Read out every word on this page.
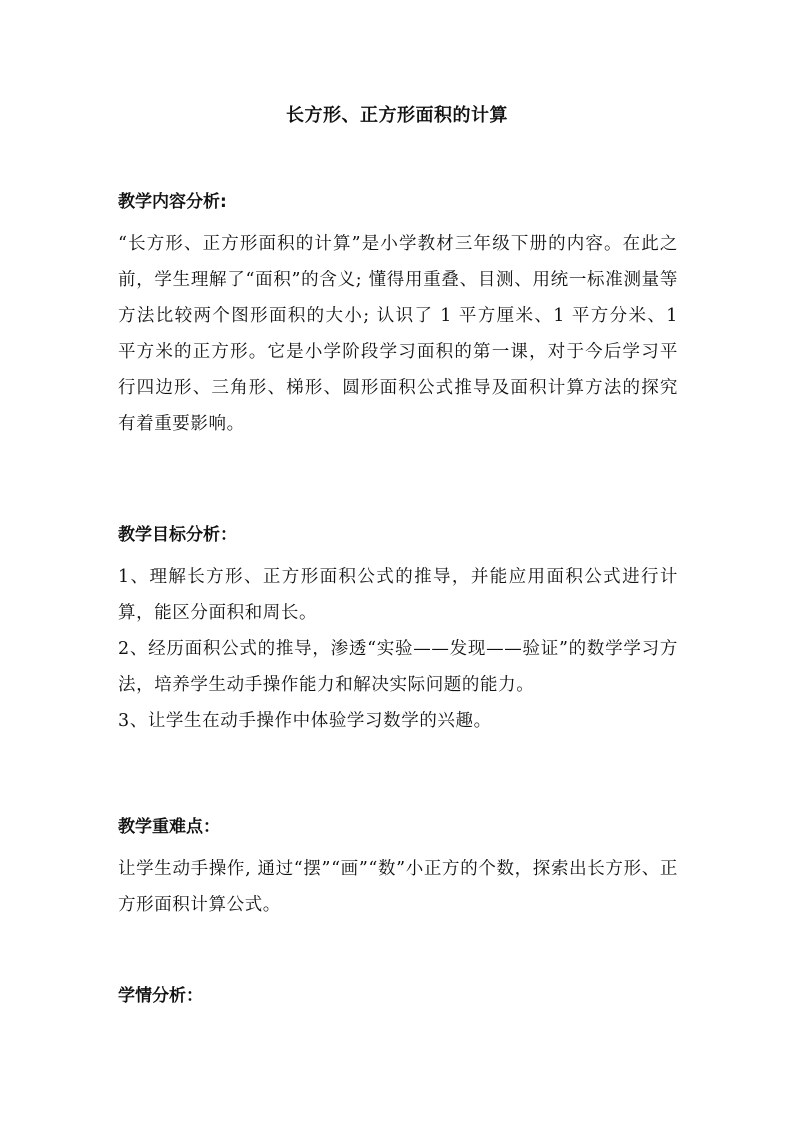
长方形、正方形面积的计算

教学内容分析:

“长方形、正方形面积的计算”是小学教材三年级下册的内容。在此之前，学生理解了“面积”的含义; 懂得用重叠、目测、用统一标准测量等方法比较两个图形面积的大小; 认识了 1 平方厘米、1 平方分米、1 平方米的正方形。它是小学阶段学习面积的第一课，对于今后学习平行四边形、三角形、梯形、圆形面积公式推导及面积计算方法的探究有着重要影响。

教学目标分析：

1、理解长方形、正方形面积公式的推导，并能应用面积公式进行计算，能区分面积和周长。

2、经历面积公式的推导，渗透“实验——发现——验证”的数学学习方法，培养学生动手操作能力和解决实际问题的能力。

3、让学生在动手操作中体验学习数学的兴趣。

教学重难点：

让学生动手操作, 通过“摆”“画”“数”小正方的个数，探索出长方形、正方形面积计算公式。

学情分析：
